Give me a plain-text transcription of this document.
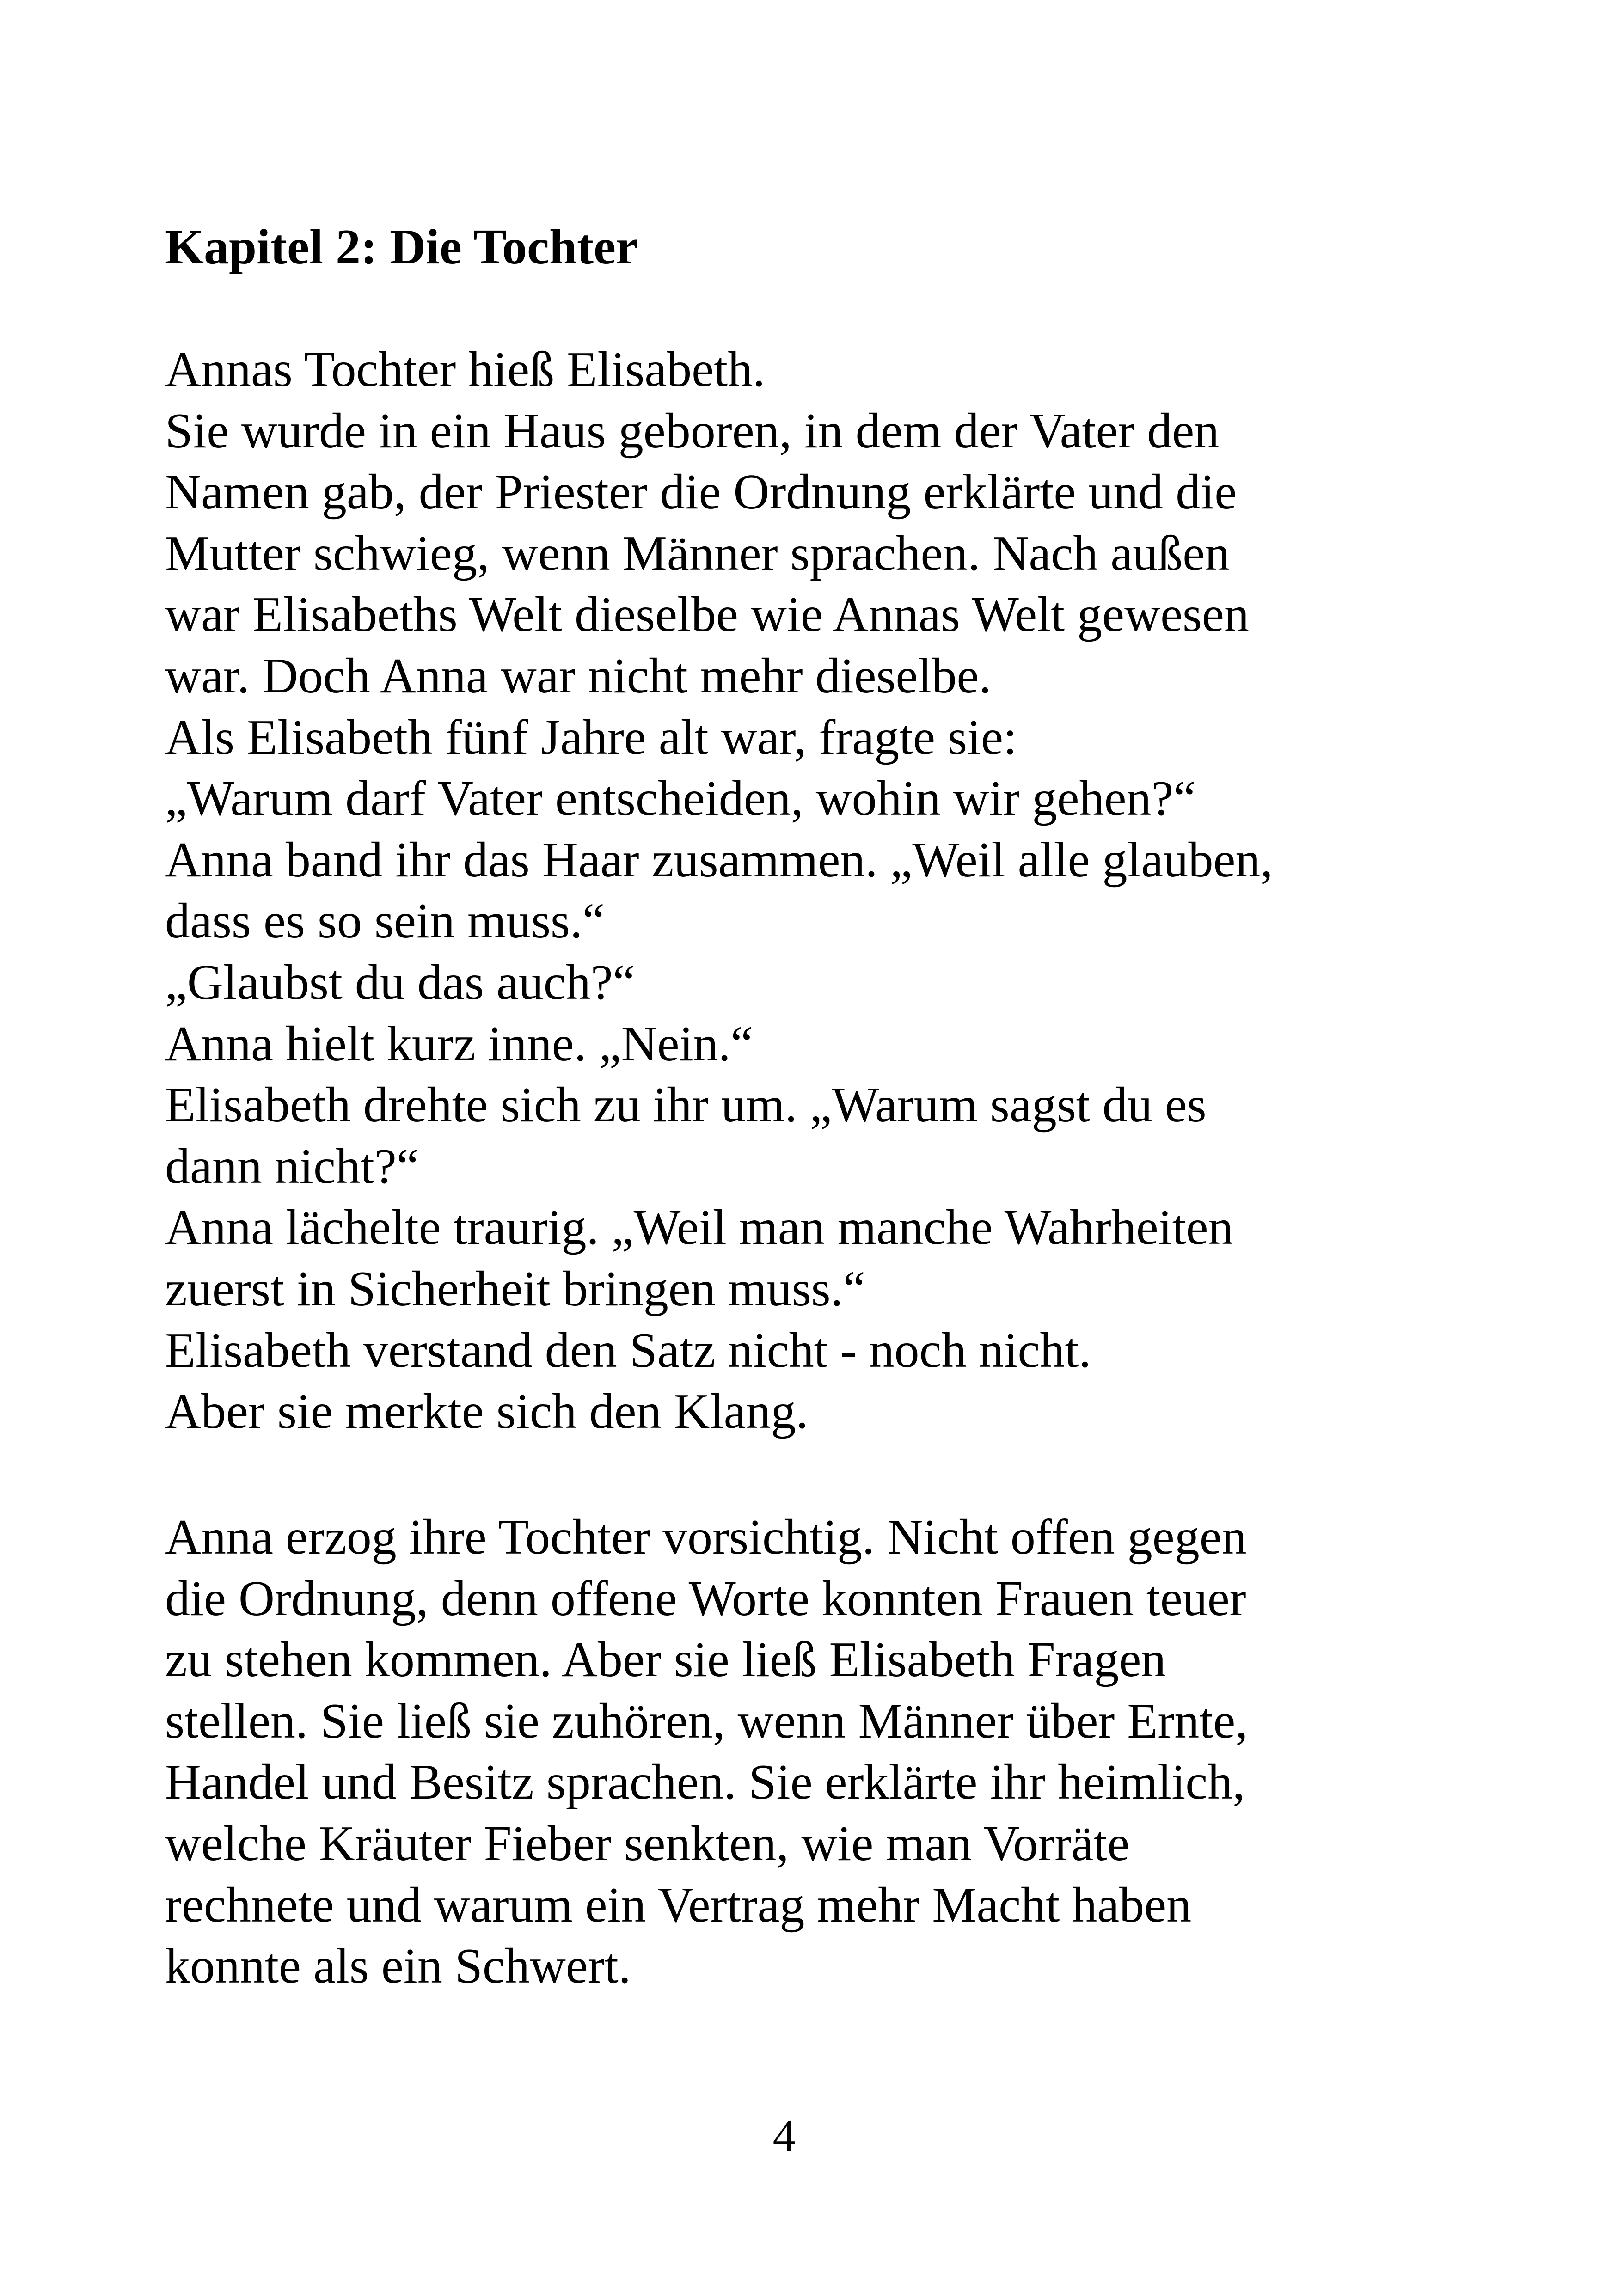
Kapitel 2: Die Tochter
Annas Tochter hieß Elisabeth.
Sie wurde in ein Haus geboren, in dem der Vater den
Namen gab, der Priester die Ordnung erklärte und die
Mutter schwieg, wenn Männer sprachen. Nach außen
war Elisabeths Welt dieselbe wie Annas Welt gewesen
war. Doch Anna war nicht mehr dieselbe.
Als Elisabeth fünf Jahre alt war, fragte sie:
„Warum darf Vater entscheiden, wohin wir gehen?“
Anna band ihr das Haar zusammen. „Weil alle glauben,
dass es so sein muss.“
„Glaubst du das auch?“
Anna hielt kurz inne. „Nein.“
Elisabeth drehte sich zu ihr um. „Warum sagst du es
dann nicht?“
Anna lächelte traurig. „Weil man manche Wahrheiten
zuerst in Sicherheit bringen muss.“
Elisabeth verstand den Satz nicht - noch nicht.
Aber sie merkte sich den Klang.
Anna erzog ihre Tochter vorsichtig. Nicht offen gegen
die Ordnung, denn offene Worte konnten Frauen teuer
zu stehen kommen. Aber sie ließ Elisabeth Fragen
stellen. Sie ließ sie zuhören, wenn Männer über Ernte,
Handel und Besitz sprachen. Sie erklärte ihr heimlich,
welche Kräuter Fieber senkten, wie man Vorräte
rechnete und warum ein Vertrag mehr Macht haben
konnte als ein Schwert.
4
